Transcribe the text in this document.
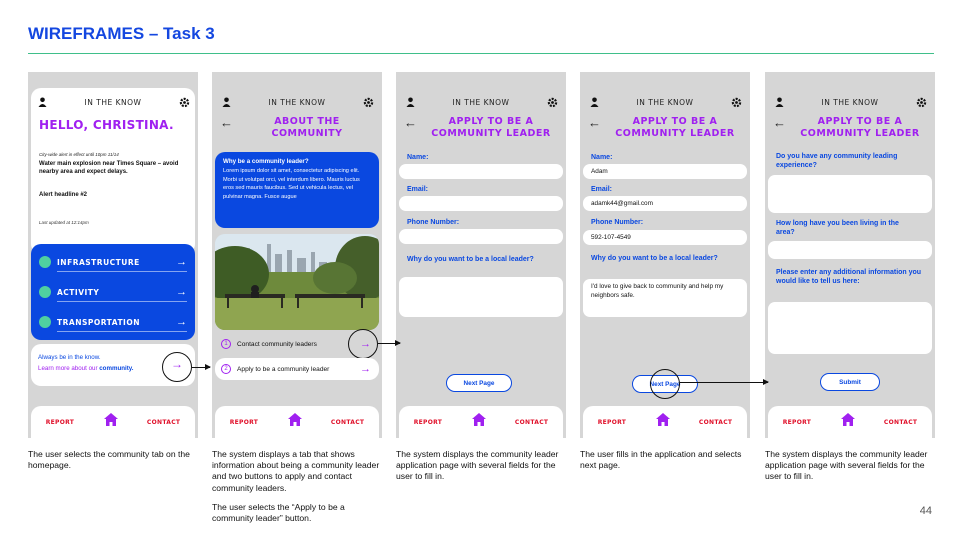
WIREFRAMES – Task 3
IN THE KNOW
HELLO, CHRISTINA.
City-wide alert in effect until 10pm 11/14
Water main explosion near Times Square – avoid nearby area and expect delays.
Alert headline #2
Last updated at 12:14pm
INFRASTRUCTURE	→
ACTIVITY	→
TRANSPORTATION	→
Always be in the know.
Learn more about our community.	→
REPORT	CONTACT
IN THE KNOW
←	ABOUT THE COMMUNITY
Why be a community leader?
Lorem ipsum dolor sit amet, consectetur adipiscing elit. Morbi ut volutpat orci, vel interdum libero. Mauris luctus eros sed mauris faucibus. Sed ut vehicula lectus, vel pulvinar magna. Fusce augue
1	Contact community leaders	→
2	Apply to be a community leader	→
REPORT	CONTACT
IN THE KNOW
←	APPLY TO BE A COMMUNITY LEADER
Name:
Email:
Phone Number:
Why do you want to be a local leader?
Next Page
REPORT	CONTACT
IN THE KNOW
←	APPLY TO BE A COMMUNITY LEADER
Name:
Adam
Email:
adamk44@gmail.com
Phone Number:
592-107-4549
Why do you want to be a local leader?
I'd love to give back to community and help my neighbors safe.
Next Page
REPORT	CONTACT
IN THE KNOW
←	APPLY TO BE A COMMUNITY LEADER
Do you have any community leading experience?
How long have you been living in the area?
Please enter any additional information you would like to tell us here:
Submit
REPORT	CONTACT

The user selects the community tab on the homepage.

The system displays a tab that shows information about being a community leader and two buttons to apply and contact community leaders.

The user selects the “Apply to be a community leader” button.

The system displays the community leader application page with several fields for the user to fill in.

The user fills in the application and selects next page.

The system displays the community leader application page with several fields for the user to fill in.

44
